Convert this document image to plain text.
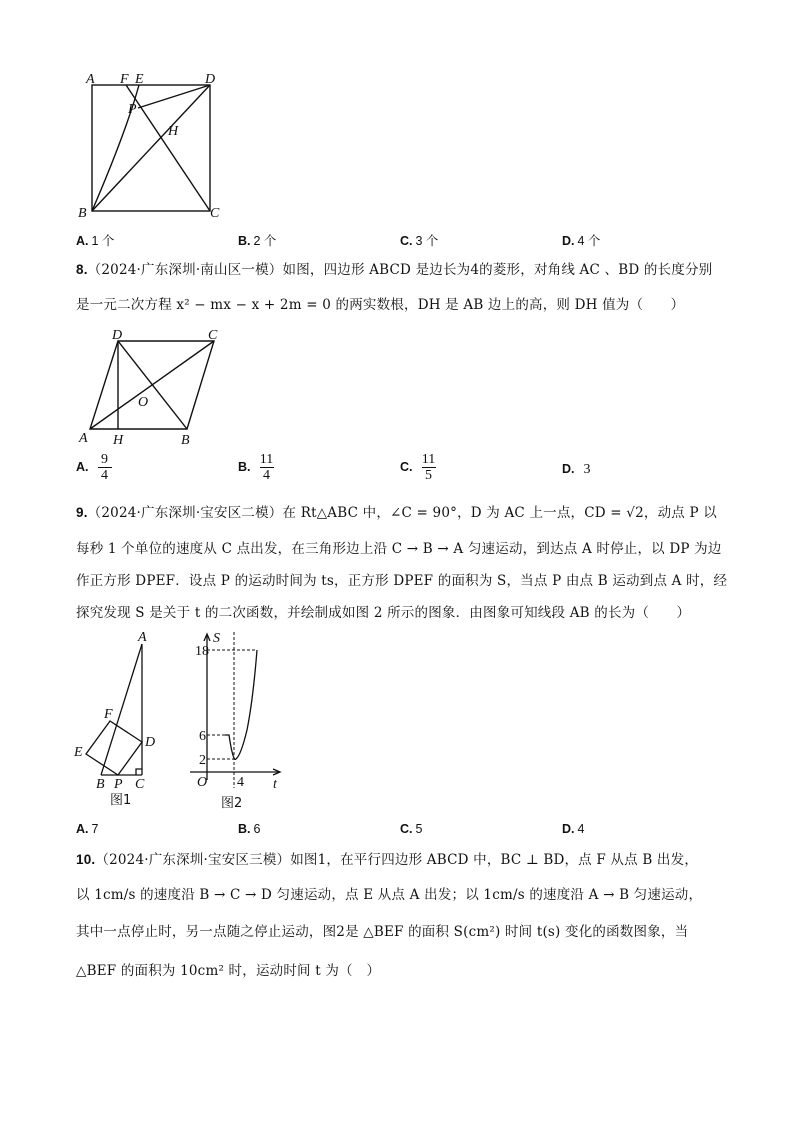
A F E	D
P
H
B	C
A. 1 个	B. 2 个	C. 3 个	D. 4 个
8.（2024·广东深圳·南山区一模）如图，四边形 ABCD 是边长为4的菱形，对角线 AC 、BD 的长度分别
是一元二次方程 x² − mx − x + 2m = 0 的两实数根，DH 是 AB 边上的高，则 DH 值为（　　）
D	C
O
A H	B
A. $\frac{9}{4}$	B. $\frac{11}{4}$	C. $\frac{11}{5}$	D. 3
9.（2024·广东深圳·宝安区二模）在 Rt△ABC 中，∠C = 90°，D 为 AC 上一点，CD = √2，动点 P 以
每秒 1 个单位的速度从 C 点出发，在三角形边上沿 C → B → A 匀速运动，到达点 A 时停止，以 DP 为边
作正方形 DPEF．设点 P 的运动时间为 ts，正方形 DPEF 的面积为 S，当点 P 由点 B 运动到点 A 时，经
探究发现 S 是关于 t 的二次函数，并绘制成如图 2 所示的图象．由图象可知线段 AB 的长为（　　）
A
F
D
E
B P C
图1
S
18
6
2
O 4 t
图2
A. 7	B. 6	C. 5	D. 4
10.（2024·广东深圳·宝安区三模）如图1，在平行四边形 ABCD 中，BC ⊥ BD，点 F 从点 B 出发，
以 1cm/s 的速度沿 B → C → D 匀速运动，点 E 从点 A 出发；以 1cm/s 的速度沿 A → B 匀速运动，
其中一点停止时，另一点随之停止运动，图2是 △BEF 的面积 S(cm²) 时间 t(s) 变化的函数图象，当
△BEF 的面积为 10cm² 时，运动时间 t 为（　）
